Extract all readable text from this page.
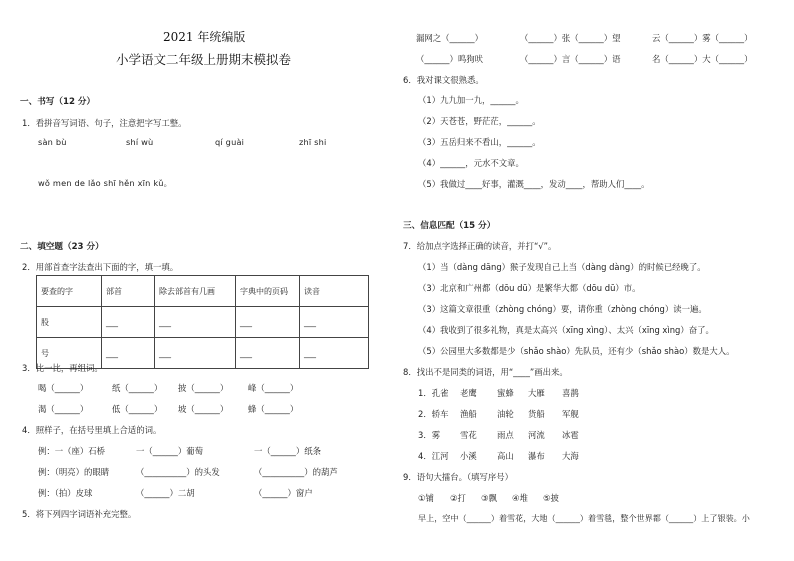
2021 年统编版
小学语文二年级上册期末模拟卷
一、书写（12 分）
1．看拼音写词语、句子，注意把字写工整。
sàn bù	shí wù	qí guài	zhī shi
wǒ men de lǎo shī hěn xīn kǔ。
二、填空题（23 分）
2．用部首查字法查出下面的字，填一填。
要查的字	部首	除去部首有几画	字典中的页码	读音
股	___	___	___	___
号	___	___	___	___
3．比一比，再组词。
喝（______）	纸（______） 披（______） 峰（______）
渴（______）	低（______） 坡（______） 蜂（______）
4．照样子，在括号里填上合适的词。
例：一（座）石桥	一（______）葡萄	一（______）纸条
例：（明亮）的眼睛	（__________）的头发	（__________）的葫芦
例：（拍）皮球	（______）二胡	（______）窗户
5．将下列四字词语补充完整。
漏网之（______）	（______）张（______）望	云（______）雾（______）
（______）鸣狗吠	（______）言（______）语	名（______）大（______）
6．我对课文很熟悉。
（1）九九加一九，______。
（2）天苍苍，野茫茫，______。
（3）五岳归来不看山，______。
（4）______，元水不文章。
（5）我做过____好事，灌溉____，发动____，帮助人们____。
三、信息匹配（15 分）
7．给加点字选择正确的读音，并打“√”。
（1）当（dàng dāng）猴子发现自己上当（dàng dàng）的时候已经晚了。
（3）北京和广州都（dōu dū）是繁华大都（dōu dū）市。
（3）这篇文章很重（zhòng chóng）要，请你重（zhòng chóng）读一遍。
（4）我收到了很多礼物，真是太高兴（xīng xìng）、太兴（xīng xìng）奋了。
（5）公园里大多数都是少（shǎo shào）先队员，还有少（shǎo shào）数是大人。
8．找出不是同类的词语，用“____”画出来。
1．孔雀 老鹰 蜜蜂 大雁 喜鹊
2．轿车 渔船 油轮 货船 军舰
3．雾 雪花 雨点 河流 冰雹
4．江河 小溪 高山 瀑布 大海
9．语句大擂台。（填写序号）
①铺 ②打 ③飘 ④堆 ⑤披
早上，空中（______）着雪花，大地（______）着雪毯，整个世界都（______）上了银装。小
